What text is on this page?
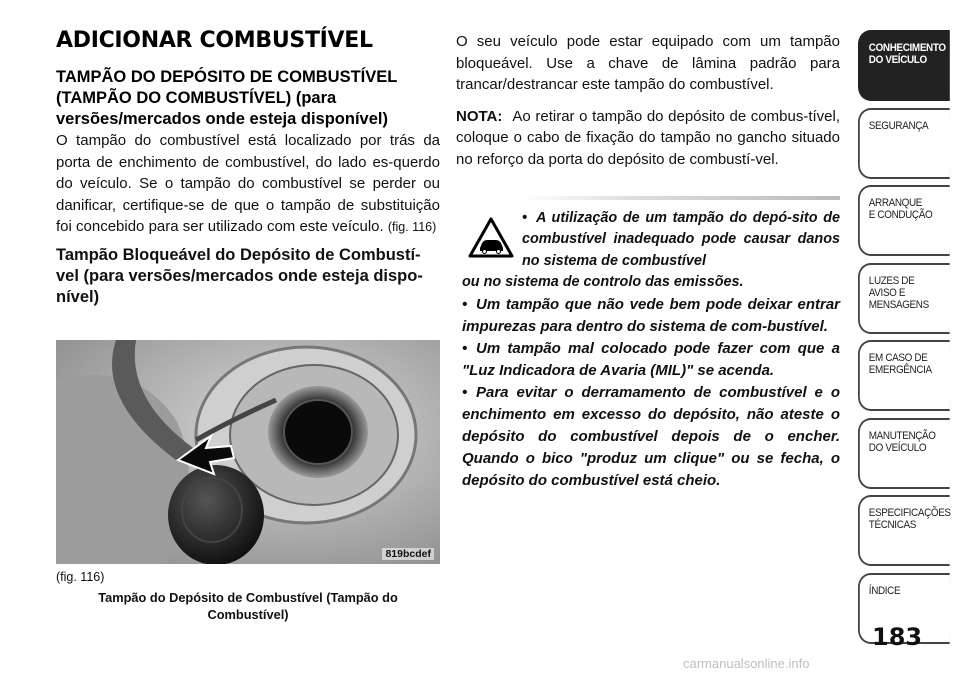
ADICIONAR COMBUSTÍVEL
TAMPÃO DO DEPÓSITO DE COMBUSTÍVEL (TAMPÃO DO COMBUSTÍVEL) (para versões/mercados onde esteja disponível)

O tampão do combustível está localizado por trás da porta de enchimento de combustível, do lado es-querdo do veículo. Se o tampão do combustível se perder ou danificar, certifique-se de que o tampão de substituição foi concebido para ser utilizado com este veículo. (fig. 116)

Tampão Bloqueável do Depósito de Combustí-vel (para versões/mercados onde esteja dispo-nível)
819bcdef
(fig. 116)
Tampão do Depósito de Combustível (Tampão do Combustível)

O seu veículo pode estar equipado com um tampão bloqueável. Use a chave de lâmina padrão para trancar/destrancar este tampão do combustível.

NOTA: Ao retirar o tampão do depósito de combus-tível, coloque o cabo de fixação do tampão no gancho situado no reforço da porta do depósito de combustí-vel.

• A utilização de um tampão do depó-sito de combustível inadequado pode causar danos no sistema de combustível

ou no sistema de controlo das emissões.

• Um tampão que não vede bem pode deixar entrar impurezas para dentro do sistema de com-bustível.

• Um tampão mal colocado pode fazer com que a "Luz Indicadora de Avaria (MIL)" se acenda.

• Para evitar o derramamento de combustível e o enchimento em excesso do depósito, não ateste o depósito do combustível depois de o encher. Quando o bico "produz um clique" ou se fecha, o depósito do combustível está cheio.

CONHECIMENTO
DO VEÍCULO
SEGURANÇA
ARRANQUE
E CONDUÇÃO
LUZES DE
AVISO E
MENSAGENS
EM CASO DE
EMERGÊNCIA
MANUTENÇÃO
DO VEÍCULO
ESPECIFICAÇÕES
TÉCNICAS
ÍNDICE
183
carmanualsonline.info
